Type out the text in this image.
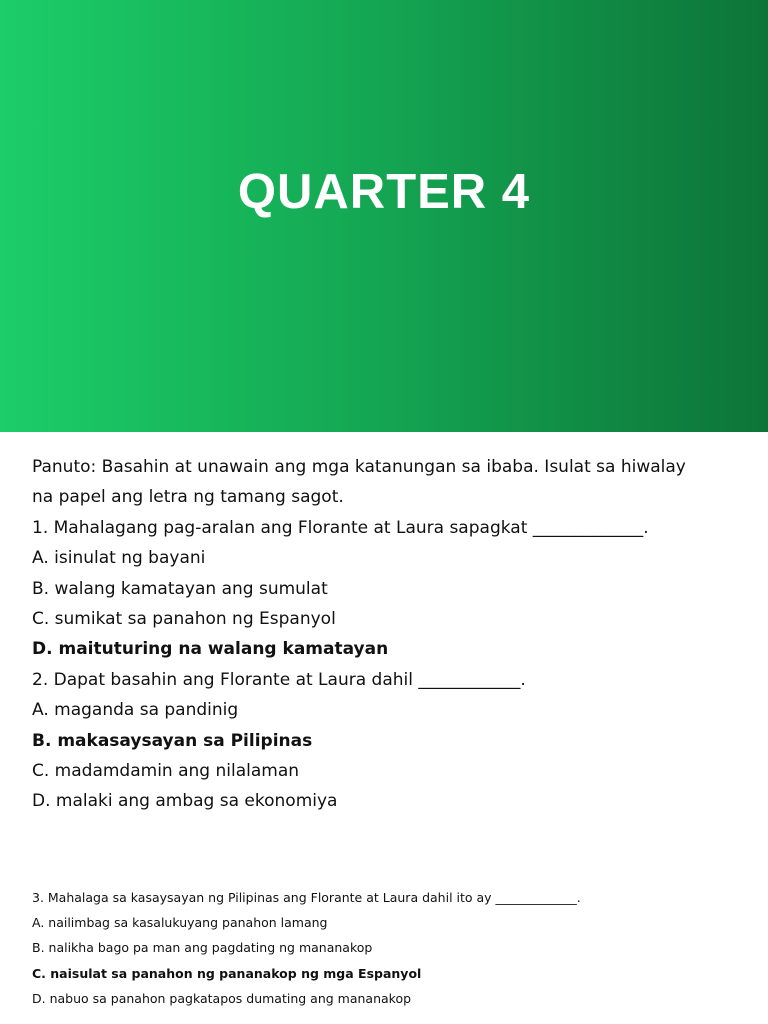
QUARTER 4

Panuto: Basahin at unawain ang mga katanungan sa ibaba. Isulat sa hiwalay

na papel ang letra ng tamang sagot.

1. Mahalagang pag-aralan ang Florante at Laura sapagkat _____________.

A. isinulat ng bayani

B. walang kamatayan ang sumulat

C. sumikat sa panahon ng Espanyol

D. maituturing na walang kamatayan

2. Dapat basahin ang Florante at Laura dahil ____________.

A. maganda sa pandinig

B. makasaysayan sa Pilipinas

C. madamdamin ang nilalaman

D. malaki ang ambag sa ekonomiya

3. Mahalaga sa kasaysayan ng Pilipinas ang Florante at Laura dahil ito ay _____________.

A. nailimbag sa kasalukuyang panahon lamang

B. nalikha bago pa man ang pagdating ng mananakop

C. naisulat sa panahon ng pananakop ng mga Espanyol

D. nabuo sa panahon pagkatapos dumating ang mananakop
